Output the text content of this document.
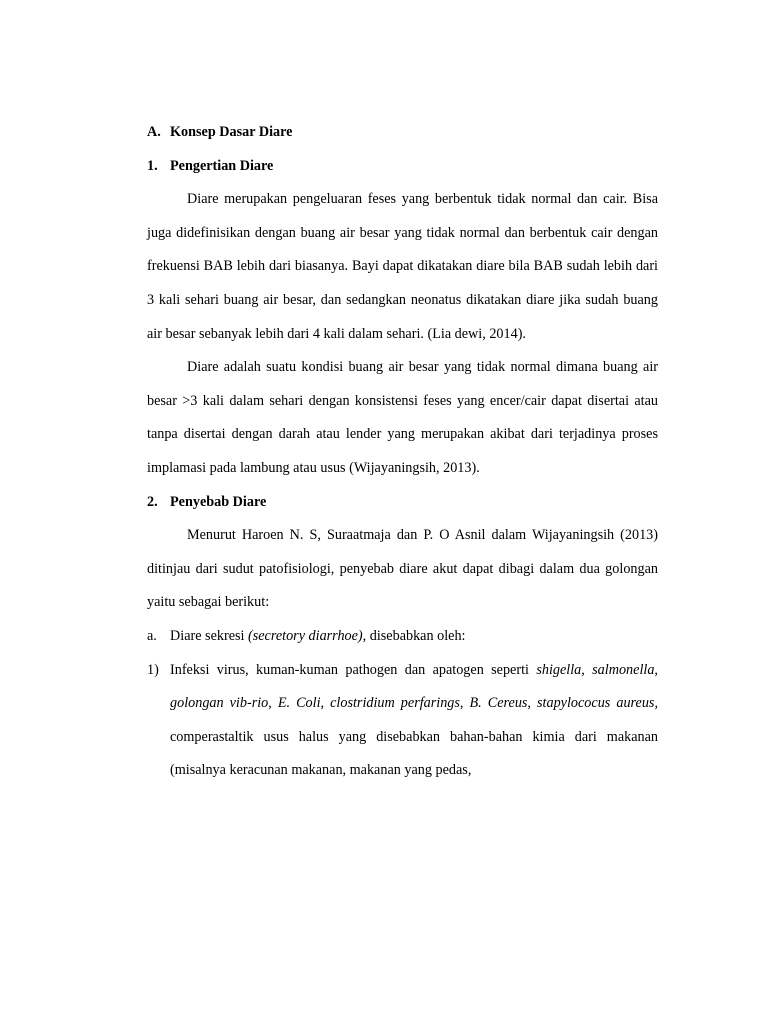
A. Konsep Dasar Diare

1. Pengertian Diare

Diare merupakan pengeluaran feses yang berbentuk tidak normal dan cair. Bisa juga didefinisikan dengan buang air besar yang tidak normal dan berbentuk cair dengan frekuensi BAB lebih dari biasanya. Bayi dapat dikatakan diare bila BAB sudah lebih dari 3 kali sehari buang air besar, dan sedangkan neonatus dikatakan diare jika sudah buang air besar sebanyak lebih dari 4 kali dalam sehari. (Lia dewi, 2014).

Diare adalah suatu kondisi buang air besar yang tidak normal dimana buang air besar >3 kali dalam sehari dengan konsistensi feses yang encer/cair dapat disertai atau tanpa disertai dengan darah atau lender yang merupakan akibat dari terjadinya proses implamasi pada lambung atau usus (Wijayaningsih, 2013).

2. Penyebab Diare

Menurut Haroen N. S, Suraatmaja dan P. O Asnil dalam Wijayaningsih (2013) ditinjau dari sudut patofisiologi, penyebab diare akut dapat dibagi dalam dua golongan yaitu sebagai berikut:

a. Diare sekresi (secretory diarrhoe), disebabkan oleh:
1) Infeksi virus, kuman-kuman pathogen dan apatogen seperti shigella, salmonella, golongan vib-rio, E. Coli, clostridium perfarings, B. Cereus, stapylococus aureus, comperastaltik usus halus yang disebabkan bahan-bahan kimia dari makanan (misalnya keracunan makanan, makanan yang pedas,
